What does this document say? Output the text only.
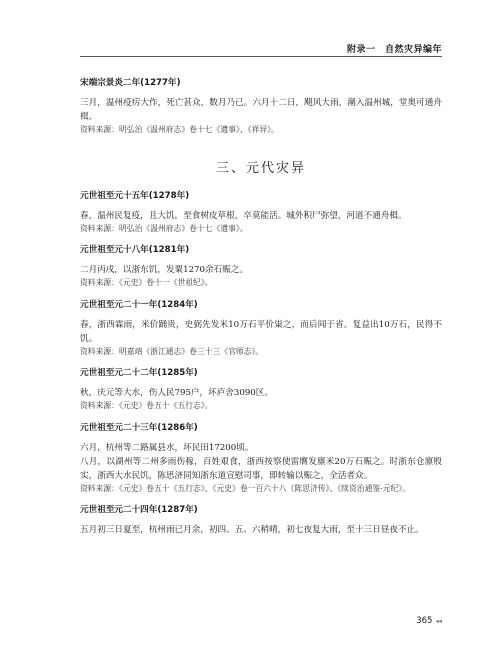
附录一　自然灾异编年
宋端宗景炎二年(1277年)

三月，温州疫疠大作，死亡甚众，数月乃已。六月十二日，飓风大雨，潮入温州城，堂奥可通舟楫。

资料来源：明弘治《温州府志》卷十七《遗事》、《祥异》。

三、元代灾异
元世祖至元十五年(1278年)

春，温州民复疫，且大饥，至食树皮草根，卒莫能活。城外积尸弥望，河道不通舟楫。

资料来源：明弘治《温州府志》卷十七《遗事》。

元世祖至元十八年(1281年)

二月丙戌，以浙东饥，发粟1270余石赈之。

资料来源：《元史》卷十一《世祖纪》。

元世祖至元二十一年(1284年)

春，浙西霖雨，米价踊贵，史弼先发米10万石平价粜之，而后闻于省。复益出10万石，民得不饥。

资料来源：明嘉靖《浙江通志》卷三十三《官师志》。

元世祖至元二十二年(1285年)

秋，庆元等大水，伤人民795户，坏庐舍3090区。

资料来源：《元史》卷五十《五行志》。

元世祖至元二十三年(1286年)

六月，杭州等二路属县水，坏民田17200顷。

八月，以湖州等二州多雨伤稼，百姓艰食，浙西按察使雷膺发廪米20万石赈之。时浙东仓廪殷实，浙西大水民饥，陈思济同知浙东道宣慰司事，即转输以赈之，全活者众。

资料来源：《元史》卷五十《五行志》、《元史》卷一百六十八《陈思济传》、《续资治通鉴·元纪》。

元世祖至元二十四年(1287年)

五月初三日夏至，杭州雨已月余，初四、五、六稍晴，初七夜复大雨，至十三日昼夜不止。

365 ◂◂
